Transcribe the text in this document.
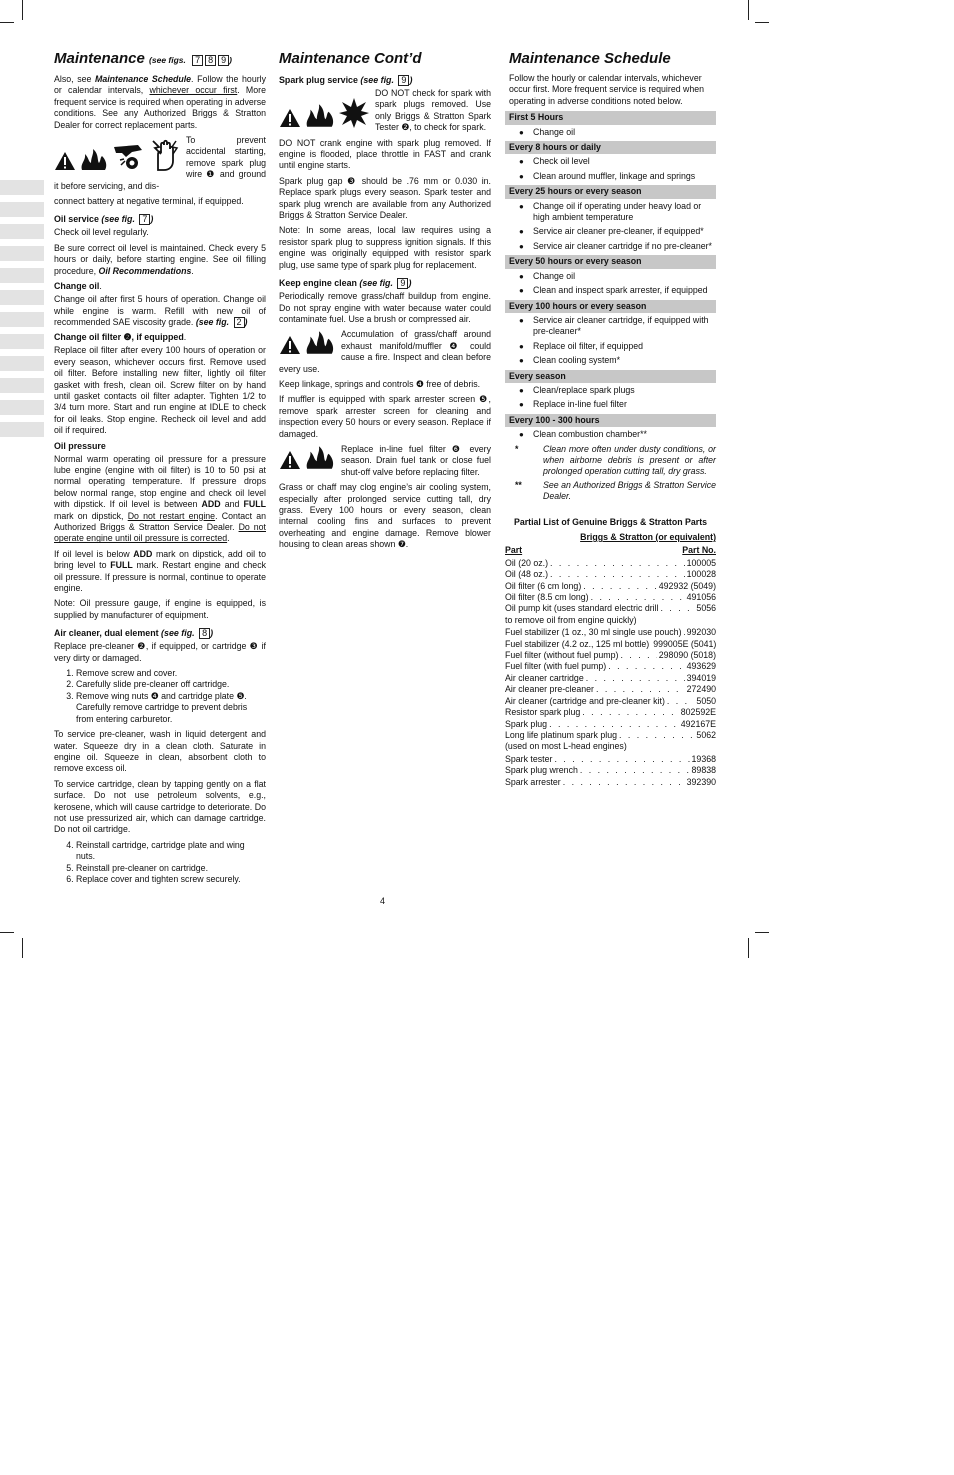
Maintenance (see figs. 7 8 9 )

Also, see Maintenance Schedule. Follow the hourly or calendar intervals, whichever occur first. More frequent service is required when operating in adverse conditions. See any Authorized Briggs & Stratton Dealer for correct replacement parts.

To prevent accidental starting, remove spark plug wire ❶ and ground it before servicing, and dis-

connect battery at negative terminal, if equipped.

Oil service (see fig. 7 )

Check oil level regularly.

Be sure correct oil level is maintained. Check every 5 hours or daily, before starting engine. See oil filling procedure, Oil Recommendations.

Change oil.

Change oil after first 5 hours of operation. Change oil while engine is warm. Refill with new oil of recommended SAE viscosity grade. (see fig. 2 )

Change oil filter ❷, if equipped.

Replace oil filter after every 100 hours of operation or every season, whichever occurs first. Remove used oil filter. Before installing new filter, lightly oil filter gasket with fresh, clean oil. Screw filter on by hand until gasket contacts oil filter adapter. Tighten 1/2 to 3/4 turn more. Start and run engine at IDLE to check for oil leaks. Stop engine. Recheck oil level and add oil if required.

Oil pressure

Normal warm operating oil pressure for a pressure lube engine (engine with oil filter) is 10 to 50 psi at normal operating temperature. If pressure drops below normal range, stop engine and check oil level with dipstick. If oil level is between ADD and FULL mark on dipstick, Do not restart engine. Contact an Authorized Briggs & Stratton Service Dealer. Do not operate engine until oil pressure is corrected.

If oil level is below ADD mark on dipstick, add oil to bring level to FULL mark. Restart engine and check oil pressure. If pressure is normal, continue to operate engine.

Note: Oil pressure gauge, if engine is equipped, is supplied by manufacturer of equipment.

Air cleaner, dual element (see fig. 8 )

Replace pre-cleaner ❷, if equipped, or cartridge ❸ if very dirty or damaged.

1. Remove screw and cover.
2. Carefully slide pre-cleaner off cartridge.
3. Remove wing nuts ❹ and cartridge plate ❺. Carefully remove cartridge to prevent debris from entering carburetor.

To service pre-cleaner, wash in liquid detergent and water. Squeeze dry in a clean cloth. Saturate in engine oil. Squeeze in clean, absorbent cloth to remove excess oil.

To service cartridge, clean by tapping gently on a flat surface. Do not use petroleum solvents, e.g., kerosene, which will cause cartridge to deteriorate. Do not use pressurized air, which can damage cartridge. Do not oil cartridge.

4. Reinstall cartridge, cartridge plate and wing nuts.
5. Reinstall pre-cleaner on cartridge.
6. Replace cover and tighten screw securely.
Maintenance Cont’d
Spark plug service (see fig. 9 )

DO NOT check for spark with spark plugs removed. Use only Briggs & Stratton Spark Tester ❷, to check for spark.

DO NOT crank engine with spark plug removed. If engine is flooded, place throttle in FAST and crank until engine starts.

Spark plug gap ❸ should be .76 mm or 0.030 in. Replace spark plugs every season. Spark tester and spark plug wrench are available from any Authorized Briggs & Stratton Service Dealer.

Note: In some areas, local law requires using a resistor spark plug to suppress ignition signals. If this engine was originally equipped with resistor spark plug, use same type of spark plug for replacement.

Keep engine clean (see fig. 9 )

Periodically remove grass/chaff buildup from engine. Do not spray engine with water because water could contaminate fuel. Use a brush or compressed air.

Accumulation of grass/chaff around exhaust manifold/muffler ❹ could cause a fire. Inspect and clean before every use.

Keep linkage, springs and controls ❹ free of debris.

If muffler is equipped with spark arrester screen ❺, remove spark arrester screen for cleaning and inspection every 50 hours or every season. Replace if damaged.

Replace in-line fuel filter ❻ every season. Drain fuel tank or close fuel shut-off valve before replacing filter.

Grass or chaff may clog engine’s air cooling system, especially after prolonged service cutting tall, dry grass. Every 100 hours or every season, clean internal cooling fins and surfaces to prevent overheating and engine damage. Remove blower housing to clean areas shown ❼.

Maintenance Schedule

Follow the hourly or calendar intervals, whichever occur first. More frequent service is required when operating in adverse conditions noted below.

First 5 Hours
● Change oil
Every 8 hours or daily
● Check oil level
● Clean around muffler, linkage and springs
Every 25 hours or every season
● Change oil if operating under heavy load or high ambient temperature
● Service air cleaner pre-cleaner, if equipped*
● Service air cleaner cartridge if no pre-cleaner*
Every 50 hours or every season
● Change oil
● Clean and inspect spark arrester, if equipped
Every 100 hours or every season
● Service air cleaner cartridge, if equipped with pre-cleaner*
● Replace oil filter, if equipped
● Clean cooling system*
Every season
● Clean/replace spark plugs
● Replace in-line fuel filter
Every 100 - 300 hours
● Clean combustion chamber**
*	Clean more often under dusty conditions, or when airborne debris is present or after prolonged operation cutting tall, dry grass.
**	See an Authorized Briggs & Stratton Service Dealer.
Partial List of Genuine Briggs & Stratton Parts
Briggs & Stratton (or equivalent)
Part	Part No.
Oil (20 oz.) . . .	100005
Oil (48 oz.) . . .	100028
Oil filter (6 cm long) . . .	492932 (5049)
Oil filter (8.5 cm long) . . .	491056
Oil pump kit (uses standard electric drill . . .	5056
to remove oil from engine quickly)
Fuel stabilizer (1 oz., 30 ml single use pouch) . . . 992030
Fuel stabilizer (4.2 oz., 125 ml bottle) 999005E (5041)
Fuel filter (without fuel pump) . . .	298090 (5018)
Fuel filter (with fuel pump) . . .	493629
Air cleaner cartridge . . .	394019
Air cleaner pre-cleaner . . .	272490
Air cleaner (cartridge and pre-cleaner kit) . . .	5050
Resistor spark plug . . .	802592E
Spark plug . . .	492167E
Long life platinum spark plug . . .	5062
(used on most L-head engines)
Spark tester . . .	19368
Spark plug wrench . . .	89838
Spark arrester . . .	392390
4
